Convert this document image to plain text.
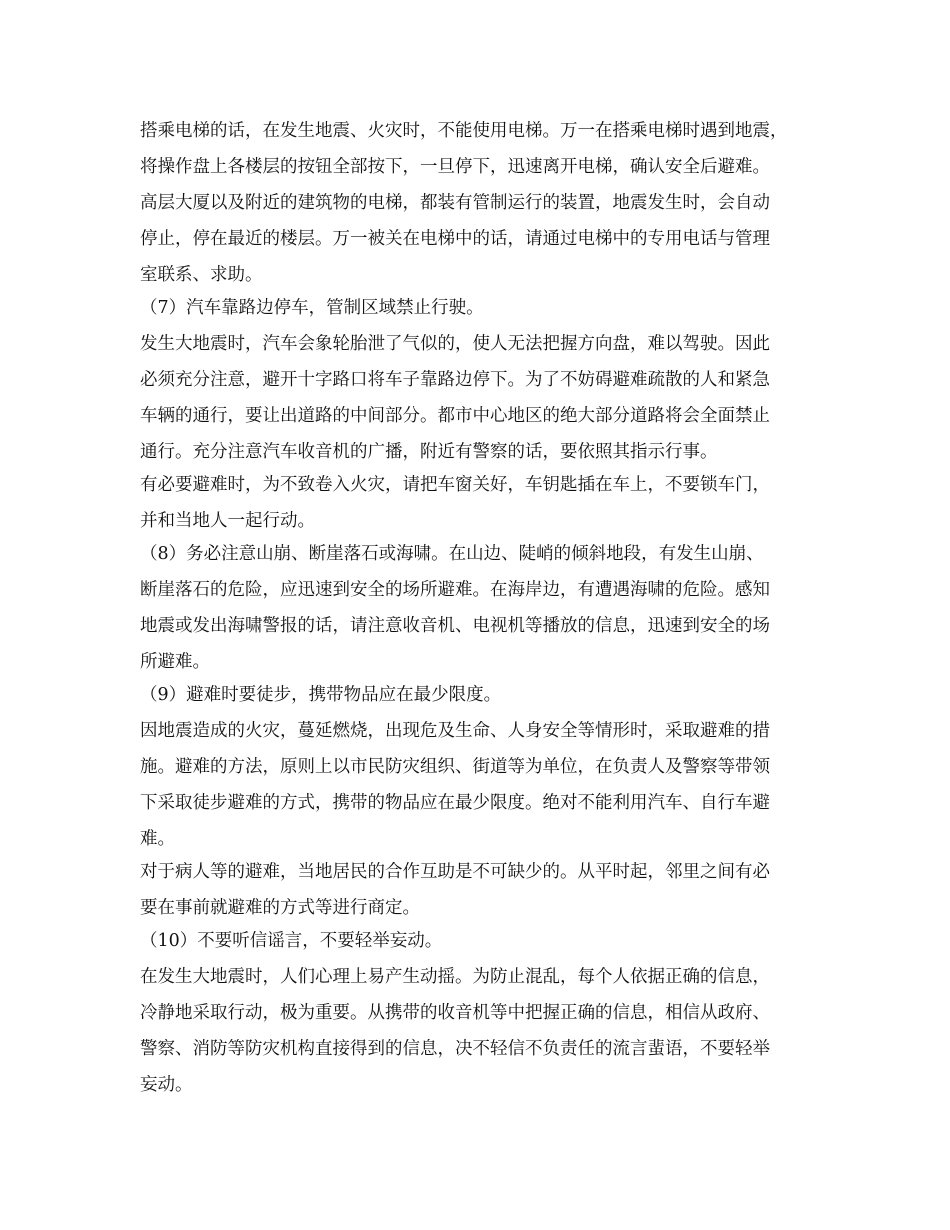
搭乘电梯的话，在发生地震、火灾时，不能使用电梯。万一在搭乘电梯时遇到地震，
将操作盘上各楼层的按钮全部按下，一旦停下，迅速离开电梯，确认安全后避难。
高层大厦以及附近的建筑物的电梯，都装有管制运行的装置，地震发生时，会自动
停止，停在最近的楼层。万一被关在电梯中的话，请通过电梯中的专用电话与管理
室联系、求助。
（7）汽车靠路边停车，管制区域禁止行驶。
发生大地震时，汽车会象轮胎泄了气似的，使人无法把握方向盘，难以驾驶。因此
必须充分注意，避开十字路口将车子靠路边停下。为了不妨碍避难疏散的人和紧急
车辆的通行，要让出道路的中间部分。都市中心地区的绝大部分道路将会全面禁止
通行。充分注意汽车收音机的广播，附近有警察的话，要依照其指示行事。
有必要避难时，为不致卷入火灾，请把车窗关好，车钥匙插在车上，不要锁车门，
并和当地人一起行动。
（8）务必注意山崩、断崖落石或海啸。在山边、陡峭的倾斜地段，有发生山崩、
断崖落石的危险，应迅速到安全的场所避难。在海岸边，有遭遇海啸的危险。感知
地震或发出海啸警报的话，请注意收音机、电视机等播放的信息，迅速到安全的场
所避难。
（9）避难时要徒步，携带物品应在最少限度。
因地震造成的火灾，蔓延燃烧，出现危及生命、人身安全等情形时，采取避难的措
施。避难的方法，原则上以市民防灾组织、街道等为单位，在负责人及警察等带领
下采取徒步避难的方式，携带的物品应在最少限度。绝对不能利用汽车、自行车避
难。
对于病人等的避难，当地居民的合作互助是不可缺少的。从平时起，邻里之间有必
要在事前就避难的方式等进行商定。
（10）不要听信谣言，不要轻举妄动。
在发生大地震时，人们心理上易产生动摇。为防止混乱，每个人依据正确的信息，
冷静地采取行动，极为重要。从携带的收音机等中把握正确的信息，相信从政府、
警察、消防等防灾机构直接得到的信息，决不轻信不负责任的流言蜚语，不要轻举
妄动。
